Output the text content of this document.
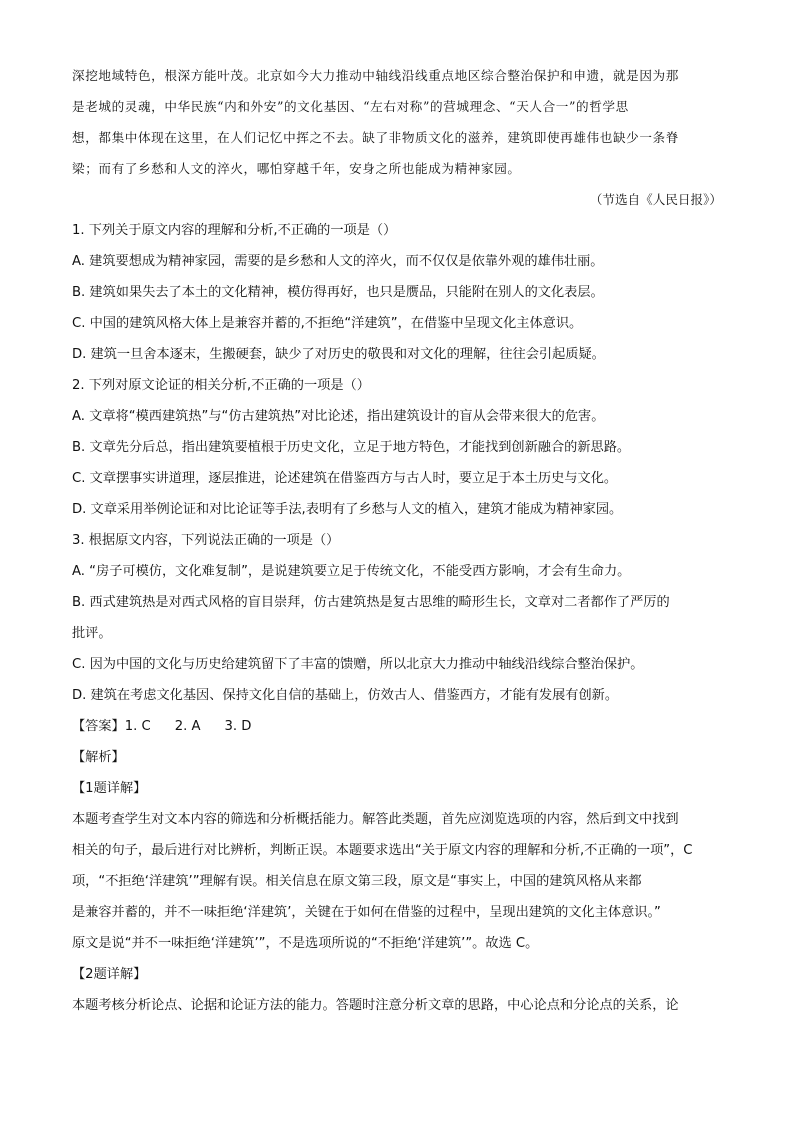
深挖地域特色，根深方能叶茂。北京如今大力推动中轴线沿线重点地区综合整治保护和申遗，就是因为那

是老城的灵魂，中华民族“内和外安”的文化基因、“左右对称”的营城理念、“天人合一”的哲学思

想，都集中体现在这里，在人们记忆中挥之不去。缺了非物质文化的滋养，建筑即使再雄伟也缺少一条脊

梁；而有了乡愁和人文的淬火，哪怕穿越千年，安身之所也能成为精神家园。

（节选自《人民日报》）

1. 下列关于原文内容的理解和分析,不正确的一项是（）

A. 建筑要想成为精神家园，需要的是乡愁和人文的淬火，而不仅仅是依靠外观的雄伟壮丽。

B. 建筑如果失去了本土的文化精神，模仿得再好，也只是赝品，只能附在别人的文化表层。

C. 中国的建筑风格大体上是兼容并蓄的,不拒绝“洋建筑”，在借鉴中呈现文化主体意识。

D. 建筑一旦舍本逐末，生搬硬套，缺少了对历史的敬畏和对文化的理解，往往会引起质疑。

2. 下列对原文论证的相关分析,不正确的一项是（）

A. 文章将“模西建筑热”与“仿古建筑热”对比论述，指出建筑设计的盲从会带来很大的危害。

B. 文章先分后总，指出建筑要植根于历史文化，立足于地方特色，才能找到创新融合的新思路。

C. 文章摆事实讲道理，逐层推进，论述建筑在借鉴西方与古人时，要立足于本土历史与文化。

D. 文章采用举例论证和对比论证等手法,表明有了乡愁与人文的植入，建筑才能成为精神家园。

3. 根据原文内容，下列说法正确的一项是（）

A. “房子可模仿，文化难复制”，是说建筑要立足于传统文化，不能受西方影响，才会有生命力。

B. 西式建筑热是对西式风格的盲目崇拜，仿古建筑热是复古思维的畸形生长，文章对二者都作了严厉的

批评。

C. 因为中国的文化与历史给建筑留下了丰富的馈赠，所以北京大力推动中轴线沿线综合整治保护。

D. 建筑在考虑文化基因、保持文化自信的基础上，仿效古人、借鉴西方，才能有发展有创新。

【答案】1. C 2. A 3. D

【解析】

【1题详解】

本题考查学生对文本内容的筛选和分析概括能力。解答此类题，首先应浏览选项的内容，然后到文中找到

相关的句子，最后进行对比辨析，判断正误。本题要求选出“关于原文内容的理解和分析,不正确的一项”，C

项，“不拒绝‘洋建筑’”理解有误。相关信息在原文第三段，原文是“事实上，中国的建筑风格从来都

是兼容并蓄的，并不一味拒绝‘洋建筑’，关键在于如何在借鉴的过程中，呈现出建筑的文化主体意识。”

原文是说“并不一味拒绝‘洋建筑’”，不是选项所说的“不拒绝‘洋建筑’”。故选 C。

【2题详解】

本题考核分析论点、论据和论证方法的能力。答题时注意分析文章的思路，中心论点和分论点的关系，论
